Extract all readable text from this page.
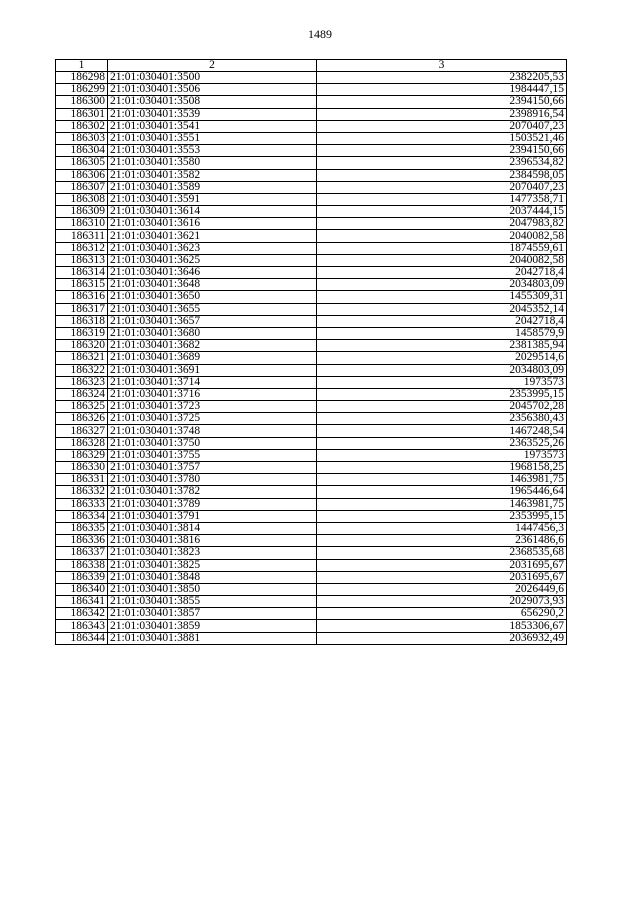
1489
1	2	3
186298	21:01:030401:3500	2382205,53
186299	21:01:030401:3506	1984447,15
186300	21:01:030401:3508	2394150,66
186301	21:01:030401:3539	2398916,54
186302	21:01:030401:3541	2070407,23
186303	21:01:030401:3551	1503521,46
186304	21:01:030401:3553	2394150,66
186305	21:01:030401:3580	2396534,82
186306	21:01:030401:3582	2384598,05
186307	21:01:030401:3589	2070407,23
186308	21:01:030401:3591	1477358,71
186309	21:01:030401:3614	2037444,15
186310	21:01:030401:3616	2047983,82
186311	21:01:030401:3621	2040082,58
186312	21:01:030401:3623	1874559,61
186313	21:01:030401:3625	2040082,58
186314	21:01:030401:3646	2042718,4
186315	21:01:030401:3648	2034803,09
186316	21:01:030401:3650	1455309,31
186317	21:01:030401:3655	2045352,14
186318	21:01:030401:3657	2042718,4
186319	21:01:030401:3680	1458579,9
186320	21:01:030401:3682	2381385,94
186321	21:01:030401:3689	2029514,6
186322	21:01:030401:3691	2034803,09
186323	21:01:030401:3714	1973573
186324	21:01:030401:3716	2353995,15
186325	21:01:030401:3723	2045702,28
186326	21:01:030401:3725	2356380,43
186327	21:01:030401:3748	1467248,54
186328	21:01:030401:3750	2363525,26
186329	21:01:030401:3755	1973573
186330	21:01:030401:3757	1968158,25
186331	21:01:030401:3780	1463981,75
186332	21:01:030401:3782	1965446,64
186333	21:01:030401:3789	1463981,75
186334	21:01:030401:3791	2353995,15
186335	21:01:030401:3814	1447456,3
186336	21:01:030401:3816	2361486,6
186337	21:01:030401:3823	2368535,68
186338	21:01:030401:3825	2031695,67
186339	21:01:030401:3848	2031695,67
186340	21:01:030401:3850	2026449,6
186341	21:01:030401:3855	2029073,93
186342	21:01:030401:3857	656290,2
186343	21:01:030401:3859	1853306,67
186344	21:01:030401:3881	2036932,49
